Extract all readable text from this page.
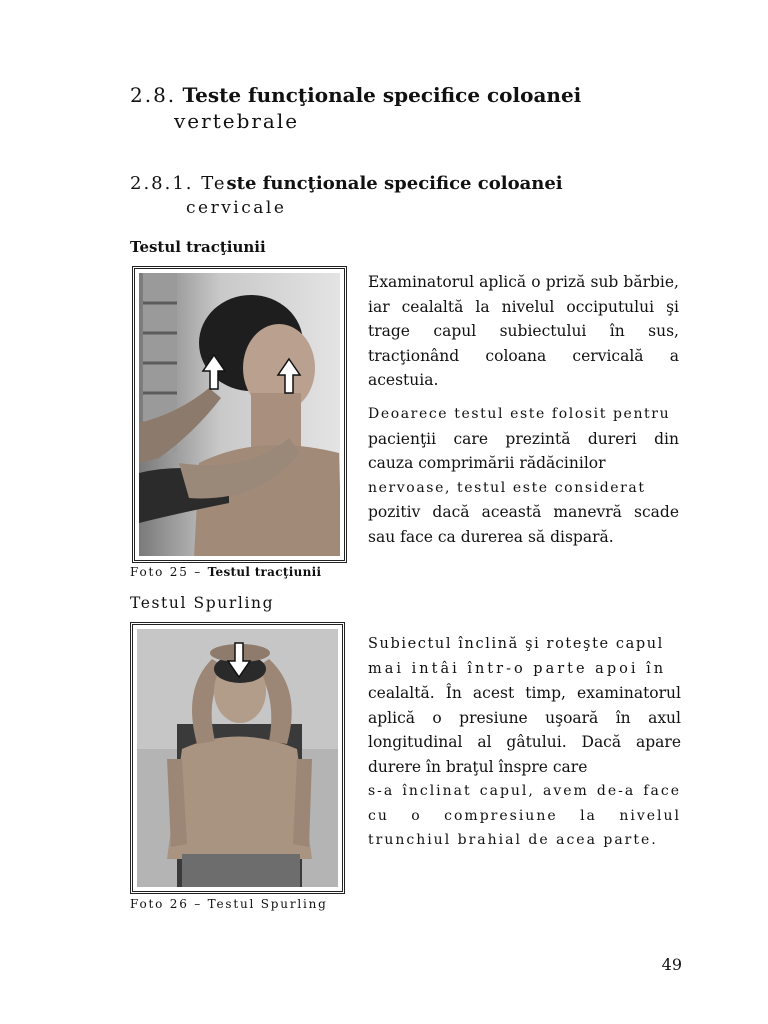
2.8. Teste funcţionale specifice coloanei
vertebrale
2.8.1. Teste funcţionale specifice coloanei
cervicale
Testul tracţiunii
Foto 25 – Testul tracţiunii
Examinatorul aplică o priză sub bărbie, iar cealaltă la nivelul occiputului şi trage capul subiectului în sus, tracţionând coloana cervicală a acestuia.
Deoarece testul este folosit pentru
pacienţii care prezintă dureri din cauza comprimării rădăcinilor
nervoase, testul este considerat
pozitiv dacă această manevră scade sau face ca durerea să dispară.
Testul Spurling
Foto 26 – Testul Spurling
Subiectul înclină şi roteşte capul
mai intâi într-o parte apoi în
cealaltă. În acest timp, examinatorul aplică o presiune uşoară în axul longitudinal al gâtului. Dacă apare durere în braţul înspre care
s-a înclinat capul, avem de-a face cu o compresiune la nivelul trunchiul brahial de acea parte.
49
